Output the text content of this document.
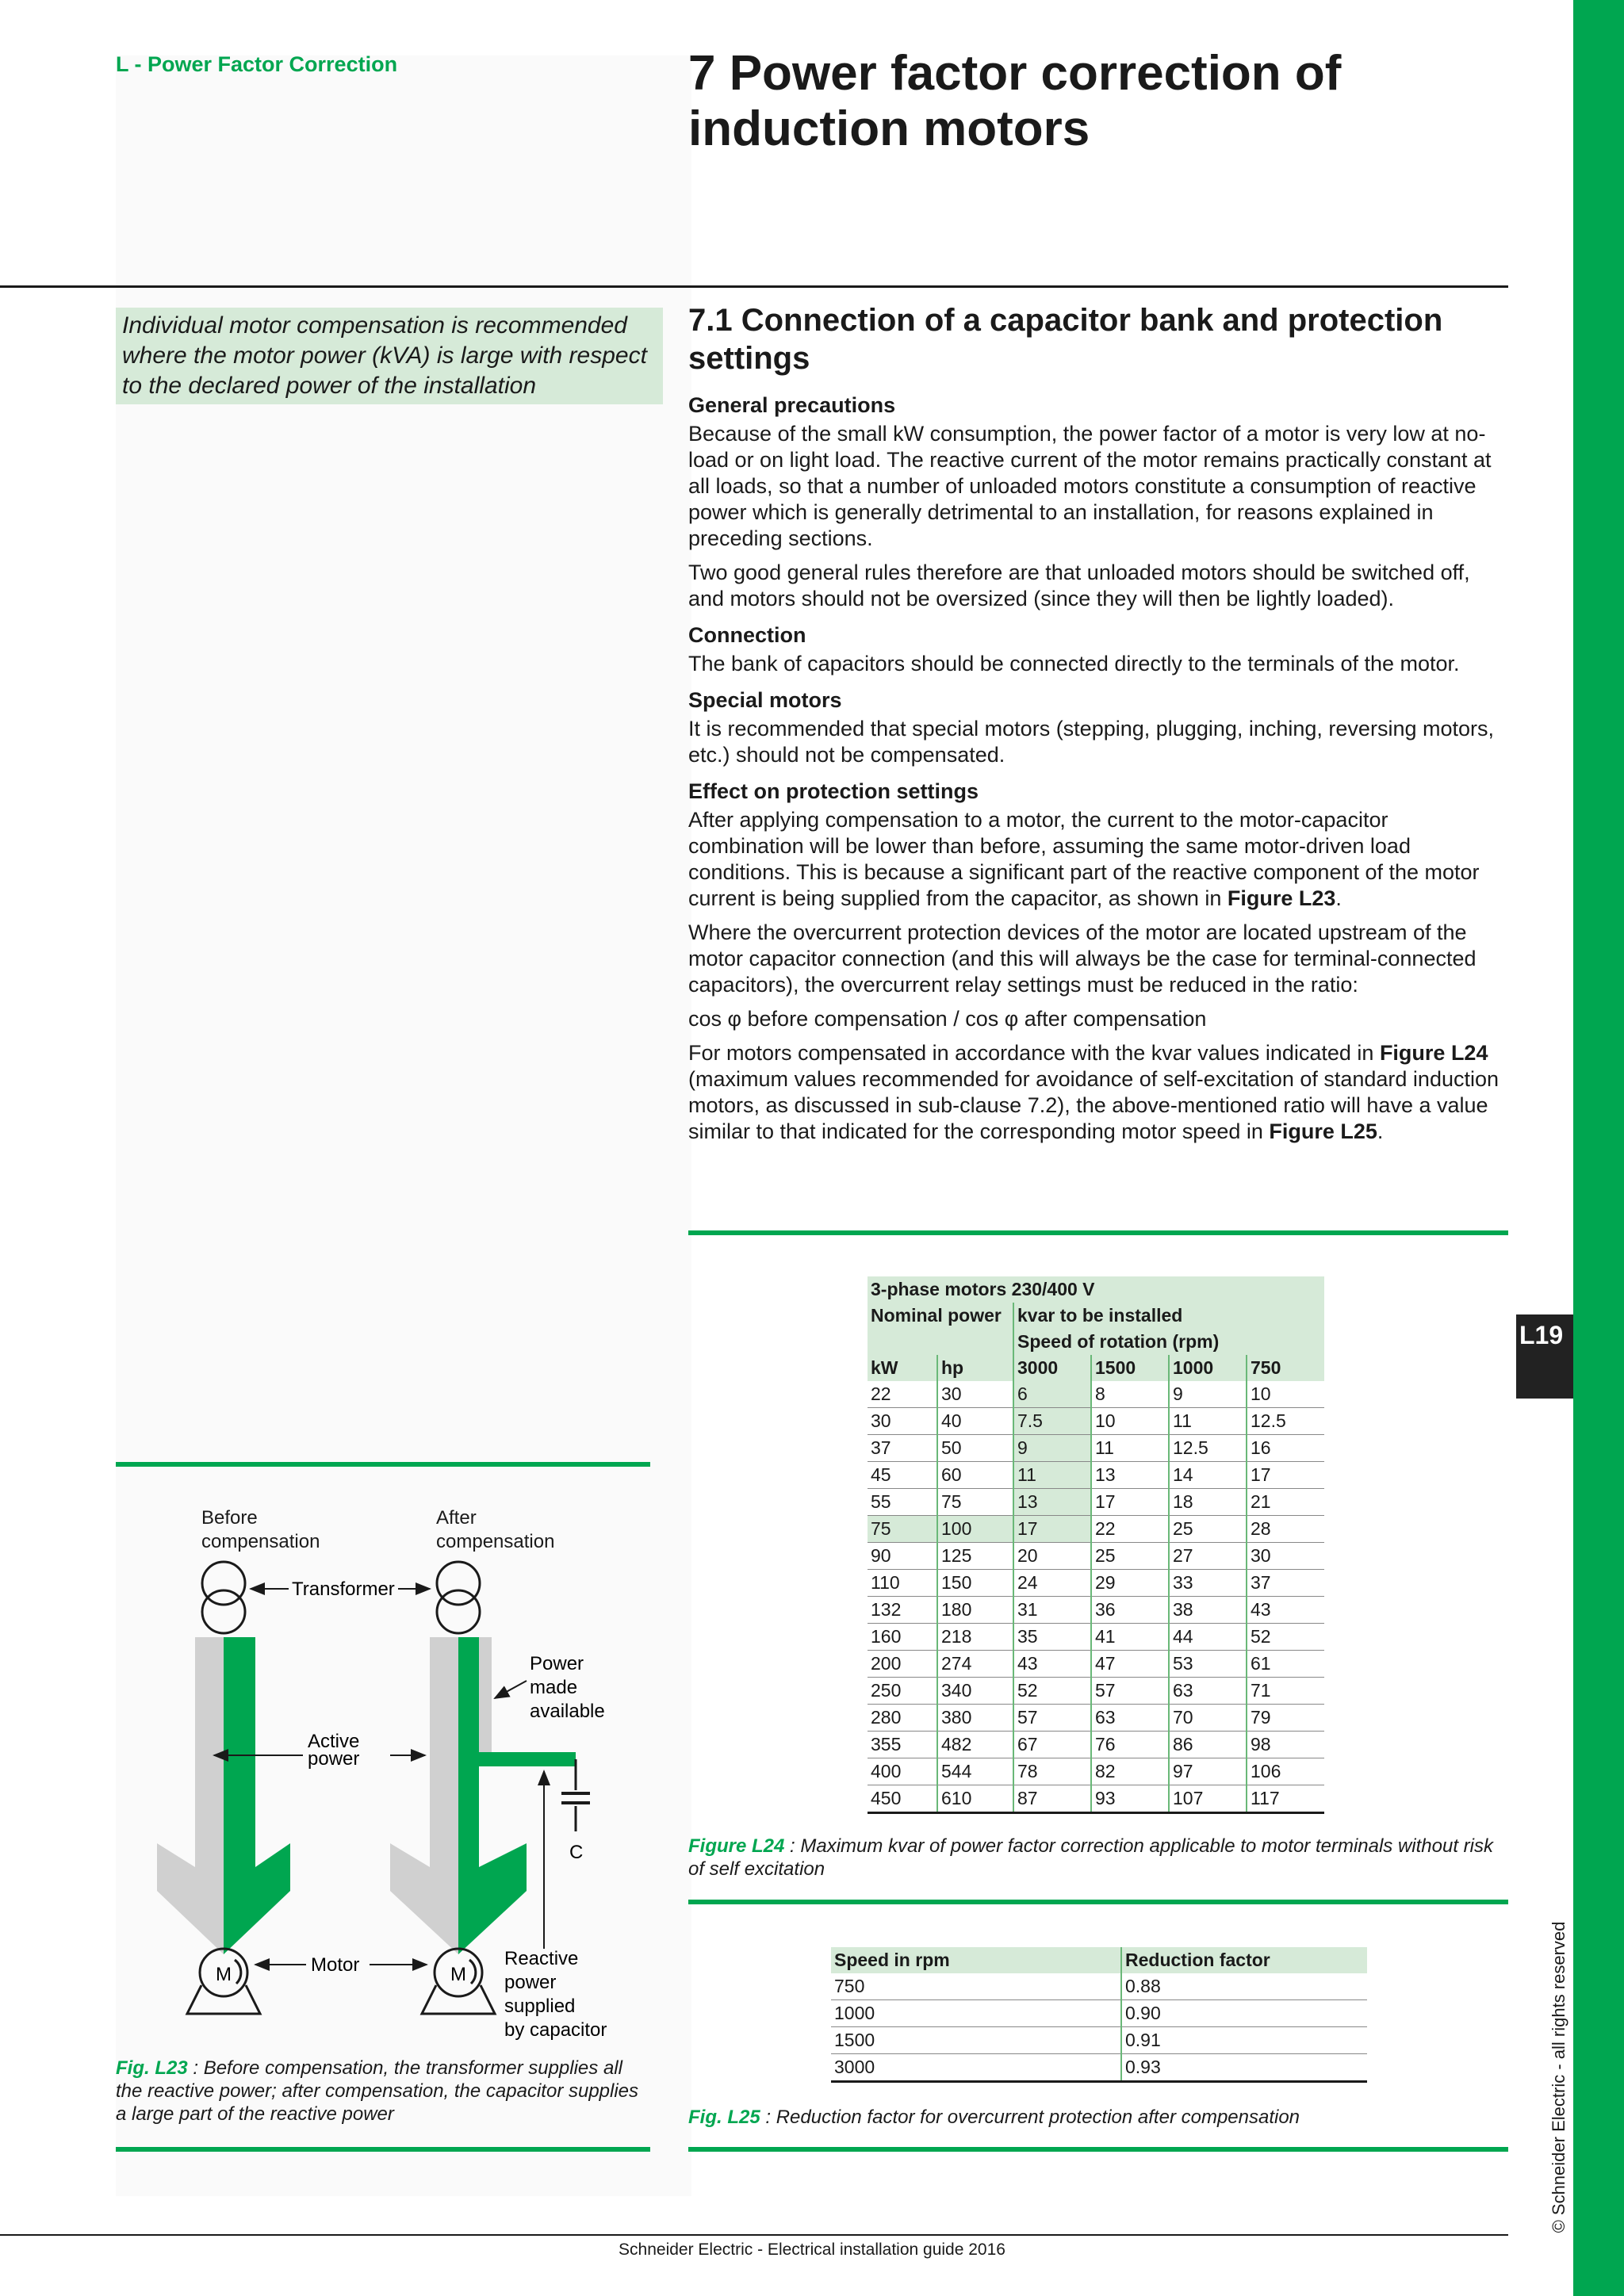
L19
© Schneider Electric - all rights reserved
L - Power Factor Correction	7 Power factor correction of induction motors
Individual motor compensation is recommended where the motor power (kVA) is large with respect to the declared power of the installation
7.1 Connection of a capacitor bank and protection settings
General precautions

Because of the small kW consumption, the power factor of a motor is very low at no-load or on light load. The reactive current of the motor remains practically constant at all loads, so that a number of unloaded motors constitute a consumption of reactive power which is generally detrimental to an installation, for reasons explained in preceding sections.

Two good general rules therefore are that unloaded motors should be switched off, and motors should not be oversized (since they will then be lightly loaded).

Connection

The bank of capacitors should be connected directly to the terminals of the motor.

Special motors

It is recommended that special motors (stepping, plugging, inching, reversing motors, etc.) should not be compensated.

Effect on protection settings

After applying compensation to a motor, the current to the motor-capacitor combination will be lower than before, assuming the same motor-driven load conditions. This is because a significant part of the reactive component of the motor current is being supplied from the capacitor, as shown in Figure L23.

Where the overcurrent protection devices of the motor are located upstream of the motor capacitor connection (and this will always be the case for terminal-connected capacitors), the overcurrent relay settings must be reduced in the ratio:

cos φ before compensation / cos φ after compensation

For motors compensated in accordance with the kvar values indicated in Figure L24 (maximum values recommended for avoidance of self-excitation of standard induction motors, as discussed in sub-clause 7.2), the above-mentioned ratio will have a value similar to that indicated for the corresponding motor speed in Figure L25.

3-phase motors 230/400 V					
Nominal power		kvar to be installed			
		Speed of rotation (rpm)			
kW	hp	3000	1500	1000	750
22	30	6	8	9	10
30	40	7.5	10	11	12.5
37	50	9	11	12.5	16
45	60	11	13	14	17
55	75	13	17	18	21
75	100	17	22	25	28
90	125	20	25	27	30
110	150	24	29	33	37
132	180	31	36	38	43
160	218	35	41	44	52
200	274	43	47	53	61
250	340	52	57	63	71
280	380	57	63	70	79
355	482	67	76	86	98
400	544	78	82	97	106
450	610	87	93	107	117
Figure L24 : Maximum kvar of power factor correction applicable to motor terminals without risk of self excitation
Speed in rpm	Reduction factor
750	0.88
1000	0.90
1500	0.91
3000	0.93
Fig. L25 : Reduction factor for overcurrent protection after compensation
Before
compensation
After
compensation
Transformer
C
Power
made
available
Active
power
M	M
Motor	Reactive
power
supplied
by capacitor
Fig. L23 : Before compensation, the transformer supplies all the reactive power; after compensation, the capacitor supplies a large part of the reactive power
Schneider Electric - Electrical installation guide 2016
